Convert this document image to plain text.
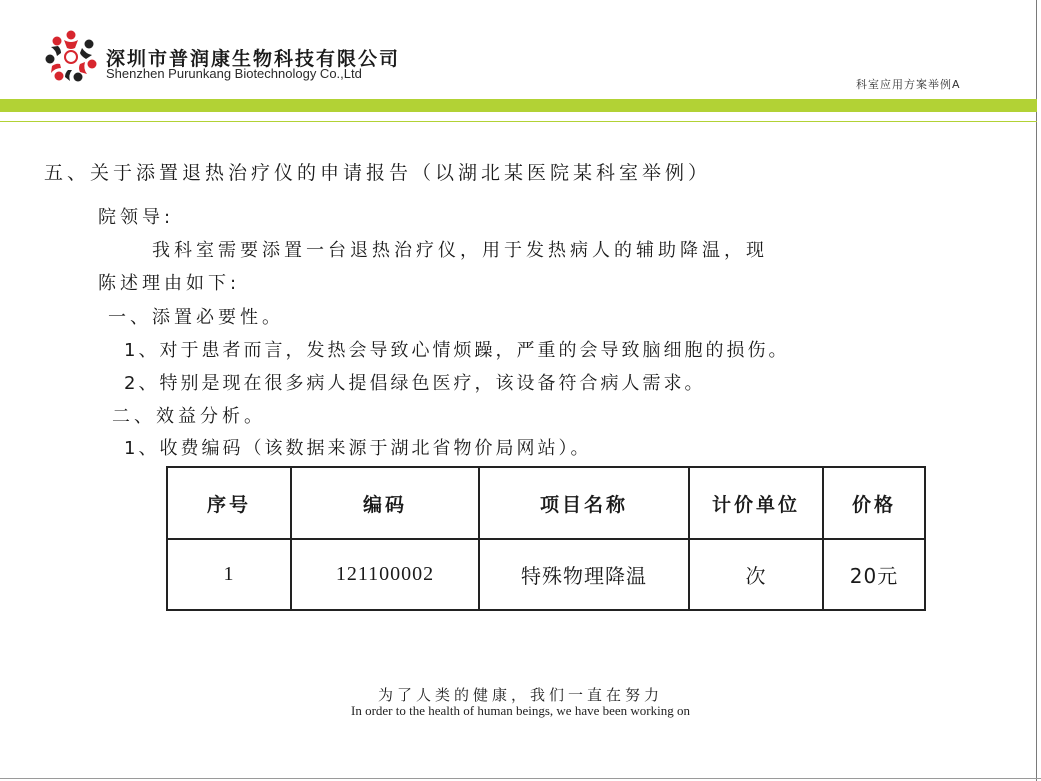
深圳市普润康生物科技有限公司
Shenzhen Purunkang Biotechnology Co.,Ltd
科室应用方案举例A
五、关于添置退热治疗仪的申请报告（以湖北某医院某科室举例）
院领导:
我科室需要添置一台退热治疗仪，用于发热病人的辅助降温，现
陈述理由如下:
一、添置必要性。
1、对于患者而言，发热会导致心情烦躁，严重的会导致脑细胞的损伤。
2、特别是现在很多病人提倡绿色医疗，该设备符合病人需求。
二、效益分析。
1、收费编码（该数据来源于湖北省物价局网站）。
序号	编码	项目名称	计价单位	价格
1	121100002	特殊物理降温	次	20元
为了人类的健康，我们一直在努力
In order to the health of human beings, we have been working on
